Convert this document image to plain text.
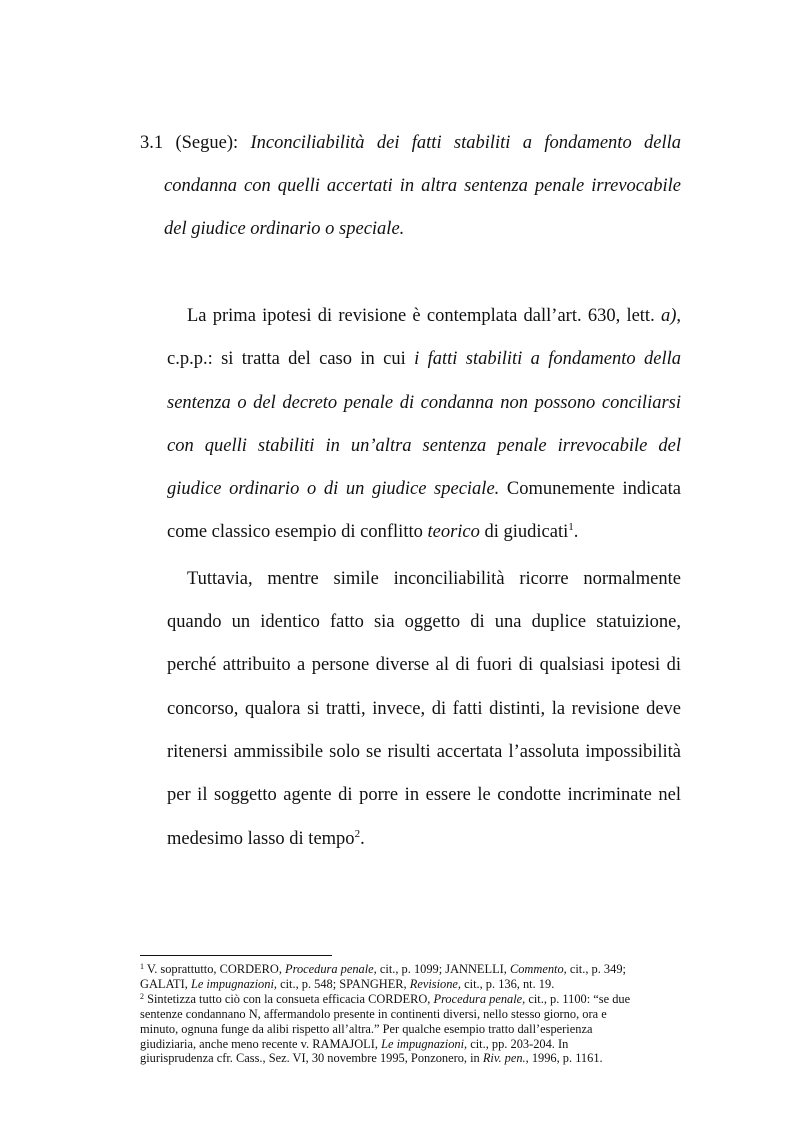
3.1 (Segue): Inconciliabilità dei fatti stabiliti a fondamento della
condanna con quelli accertati in altra sentenza penale irrevocabile
del giudice ordinario o speciale.

La prima ipotesi di revisione è contemplata dall’art. 630, lett. a),
c.p.p.: si tratta del caso in cui i fatti stabiliti a fondamento della
sentenza o del decreto penale di condanna non possono conciliarsi
con quelli stabiliti in un’altra sentenza penale irrevocabile del
giudice ordinario o di un giudice speciale. Comunemente indicata
come classico esempio di conflitto teorico di giudicati$^1$.

Tuttavia, mentre simile inconciliabilità ricorre normalmente
quando un identico fatto sia oggetto di una duplice statuizione,
perché attribuito a persone diverse al di fuori di qualsiasi ipotesi di
concorso, qualora si tratti, invece, di fatti distinti, la revisione deve
ritenersi ammissibile solo se risulti accertata l’assoluta impossibilità
per il soggetto agente di porre in essere le condotte incriminate nel
medesimo lasso di tempo$^2$.

$^1$ V. soprattutto, CORDERO, Procedura penale, cit., p. 1099; JANNELLI, Commento, cit., p. 349;
GALATI, Le impugnazioni, cit., p. 548; SPANGHER, Revisione, cit., p. 136, nt. 19.
$^2$ Sintetizza tutto ciò con la consueta efficacia CORDERO, Procedura penale, cit., p. 1100: “se due
sentenze condannano N, affermandolo presente in continenti diversi, nello stesso giorno, ora e
minuto, ognuna funge da alibi rispetto all’altra.” Per qualche esempio tratto dall’esperienza
giudiziaria, anche meno recente v. RAMAJOLI, Le impugnazioni, cit., pp. 203-204. In
giurisprudenza cfr. Cass., Sez. VI, 30 novembre 1995, Ponzonero, in Riv. pen., 1996, p. 1161.
